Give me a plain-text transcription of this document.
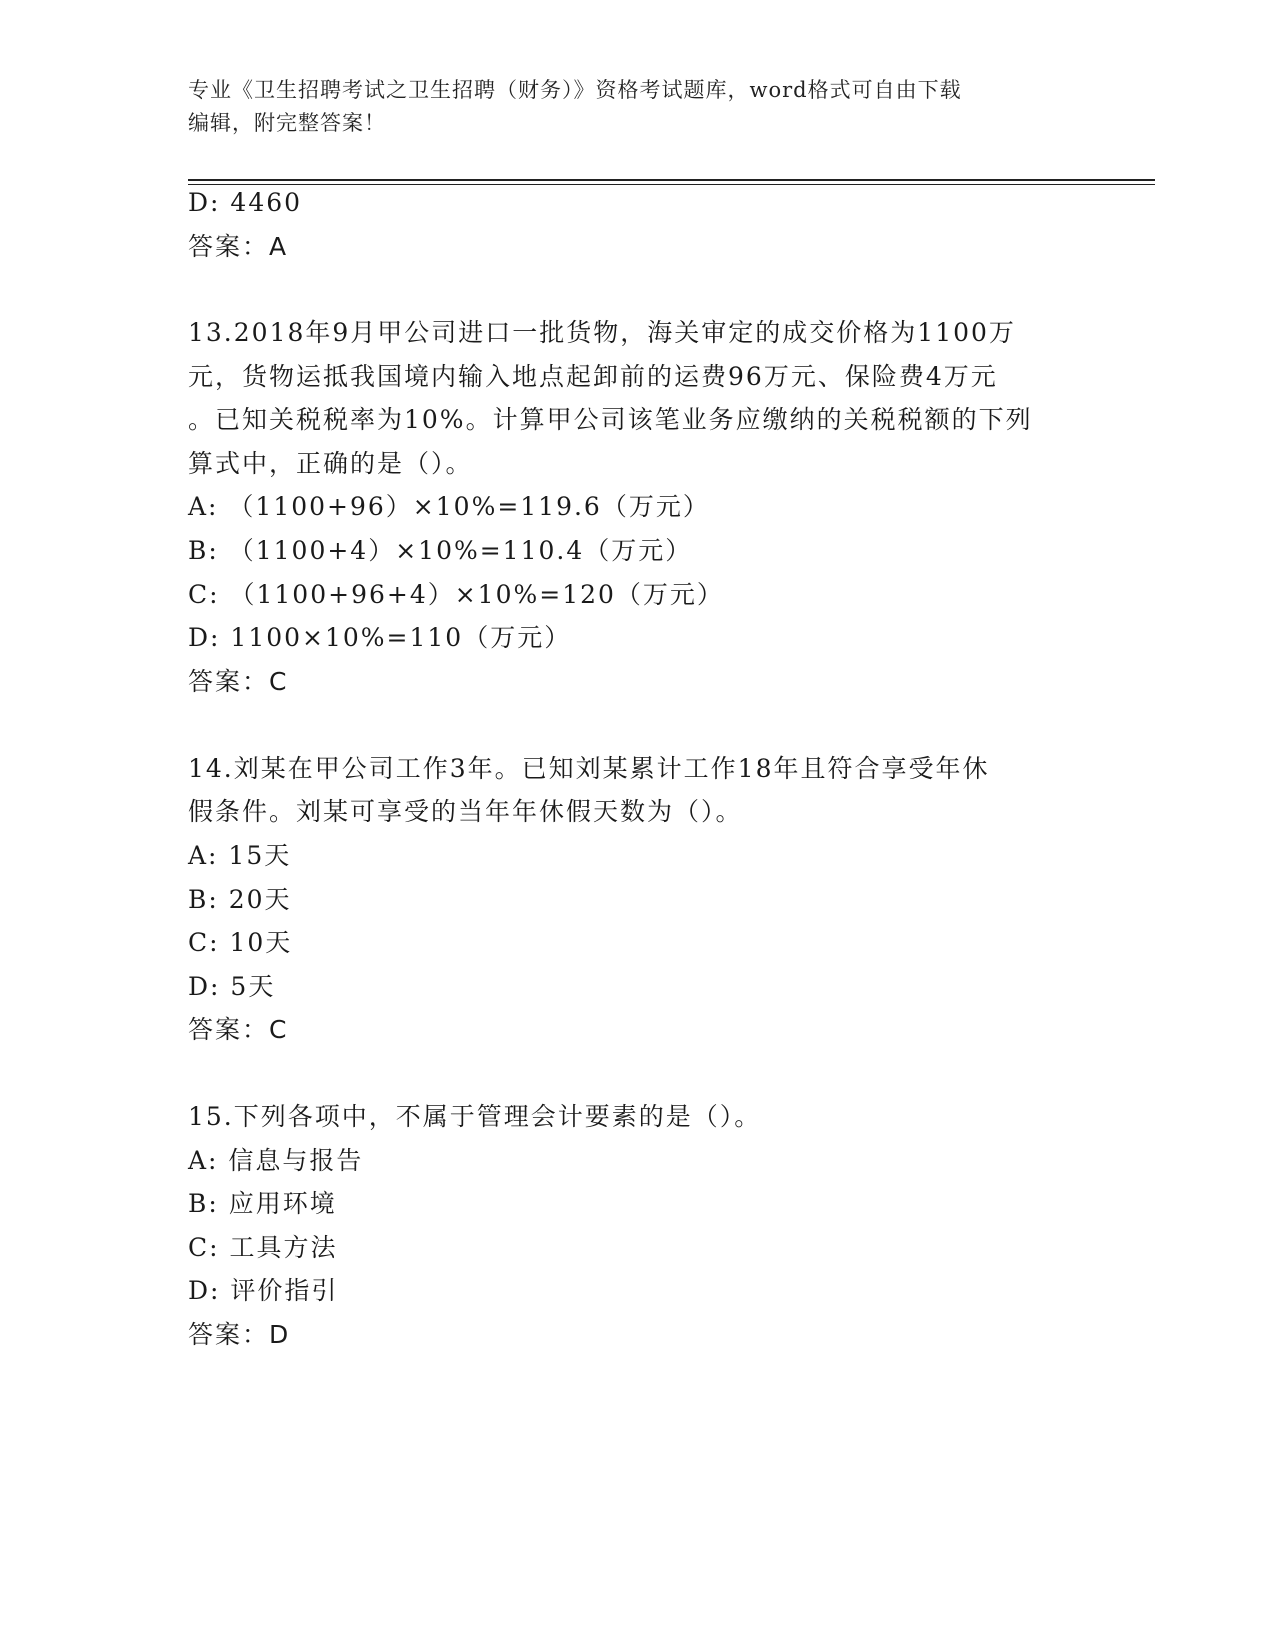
专业《卫生招聘考试之卫生招聘（财务）》资格考试题库，word格式可自由下载
编辑，附完整答案！
D: 4460
答案：A
13.2018年9月甲公司进口一批货物，海关审定的成交价格为1100万
元，货物运抵我国境内输入地点起卸前的运费96万元、保险费4万元
。已知关税税率为10%。计算甲公司该笔业务应缴纳的关税税额的下列
算式中，正确的是（）。
A: （1100+96）×10%=119.6（万元）
B: （1100+4）×10%=110.4（万元）
C: （1100+96+4）×10%=120（万元）
D: 1100×10%=110（万元）
答案：C
14.刘某在甲公司工作3年。已知刘某累计工作18年且符合享受年休
假条件。刘某可享受的当年年休假天数为（）。
A: 15天
B: 20天
C: 10天
D: 5天
答案：C
15.下列各项中，不属于管理会计要素的是（）。
A: 信息与报告
B: 应用环境
C: 工具方法
D: 评价指引
答案：D
